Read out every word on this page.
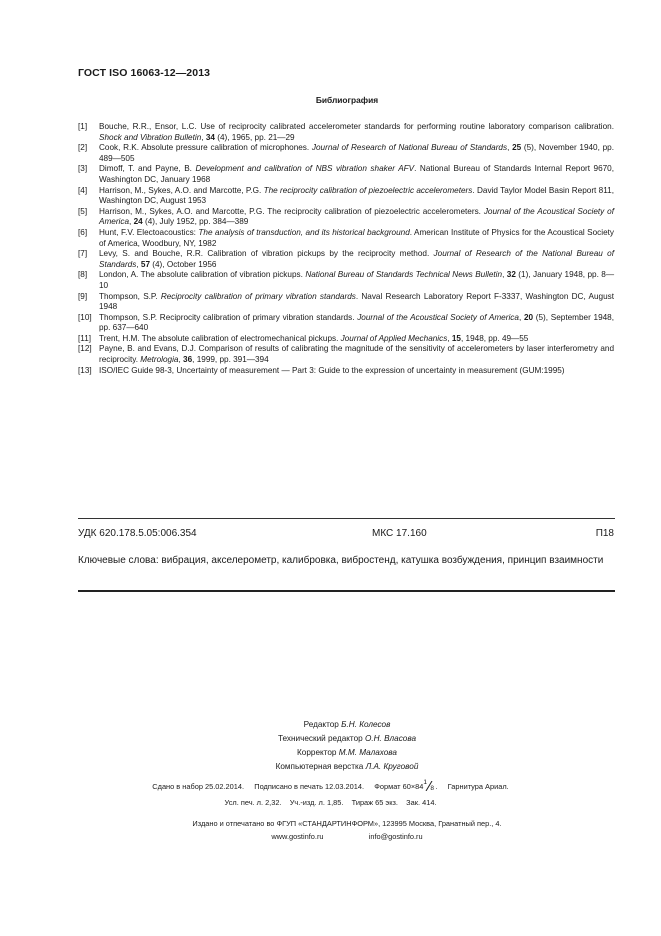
ГОСТ ISO 16063-12—2013
Библиография
[1]	Bouche, R.R., Ensor, L.C. Use of reciprocity calibrated accelerometer standards for performing routine laboratory comparison calibration. Shock and Vibration Bulletin, 34 (4), 1965, pp. 21—29
[2]	Cook, R.K. Absolute pressure calibration of microphones. Journal of Research of National Bureau of Standards, 25 (5), November 1940, pp. 489—505
[3]	Dimoff, T. and Payne, B. Development and calibration of NBS vibration shaker AFV. National Bureau of Standards Internal Report 9670, Washington DC, January 1968
[4]	Harrison, M., Sykes, A.O. and Marcotte, P.G. The reciprocity calibration of piezoelectric accelerometers. David Taylor Model Basin Report 811, Washington DC, August 1953
[5]	Harrison, M., Sykes, A.O. and Marcotte, P.G. The reciprocity calibration of piezoelectric accelerometers. Journal of the Acoustical Society of America, 24 (4), July 1952, pp. 384—389
[6]	Hunt, F.V. Electoacoustics: The analysis of transduction, and its historical background. American Institute of Physics for the Acoustical Society of America, Woodbury, NY, 1982
[7]	Levy, S. and Bouche, R.R. Calibration of vibration pickups by the reciprocity method. Journal of Research of the National Bureau of Standards, 57 (4), October 1956
[8]	London, A. The absolute calibration of vibration pickups. National Bureau of Standards Technical News Bulletin, 32 (1), January 1948, pp. 8—10
[9]	Thompson, S.P. Reciprocity calibration of primary vibration standards. Naval Research Laboratory Report F-3337, Washington DC, August 1948
[10] Thompson, S.P. Reciprocity calibration of primary vibration standards. Journal of the Acoustical Society of America, 20 (5), September 1948, pp. 637—640
[11] Trent, H.M. The absolute calibration of electromechanical pickups. Journal of Applied Mechanics, 15, 1948, pp. 49—55
[12] Payne, B. and Evans, D.J. Comparison of results of calibrating the magnitude of the sensitivity of accelerometers by laser interferometry and reciprocity. Metrologia, 36, 1999, pp. 391—394
[13] ISO/IEC Guide 98-3, Uncertainty of measurement — Part 3: Guide to the expression of uncertainty in measurement (GUM:1995)
УДК 620.178.5.05:006.354	МКС 17.160	П18
Ключевые слова: вибрация, акселерометр, калибровка, вибростенд, катушка возбуждения, принцип взаимности
Редактор Б.Н. Колесов
Технический редактор О.Н. Власова
Корректор М.М. Малахова
Компьютерная верстка Л.А. Круговой
Сдано в набор 25.02.2014.     Подписано в печать 12.03.2014.     Формат 60×84 1
8 .     Гарнитура Ариал.
Усл. печ. л. 2,32.    Уч.-изд. л. 1,85.    Тираж 65 экз.    Зак. 414.
Издано и отпечатано во ФГУП «СТАНДАРТИНФОРМ», 123995 Москва, Гранатный пер., 4.
www.gostinfo.ru	info@gostinfo.ru
